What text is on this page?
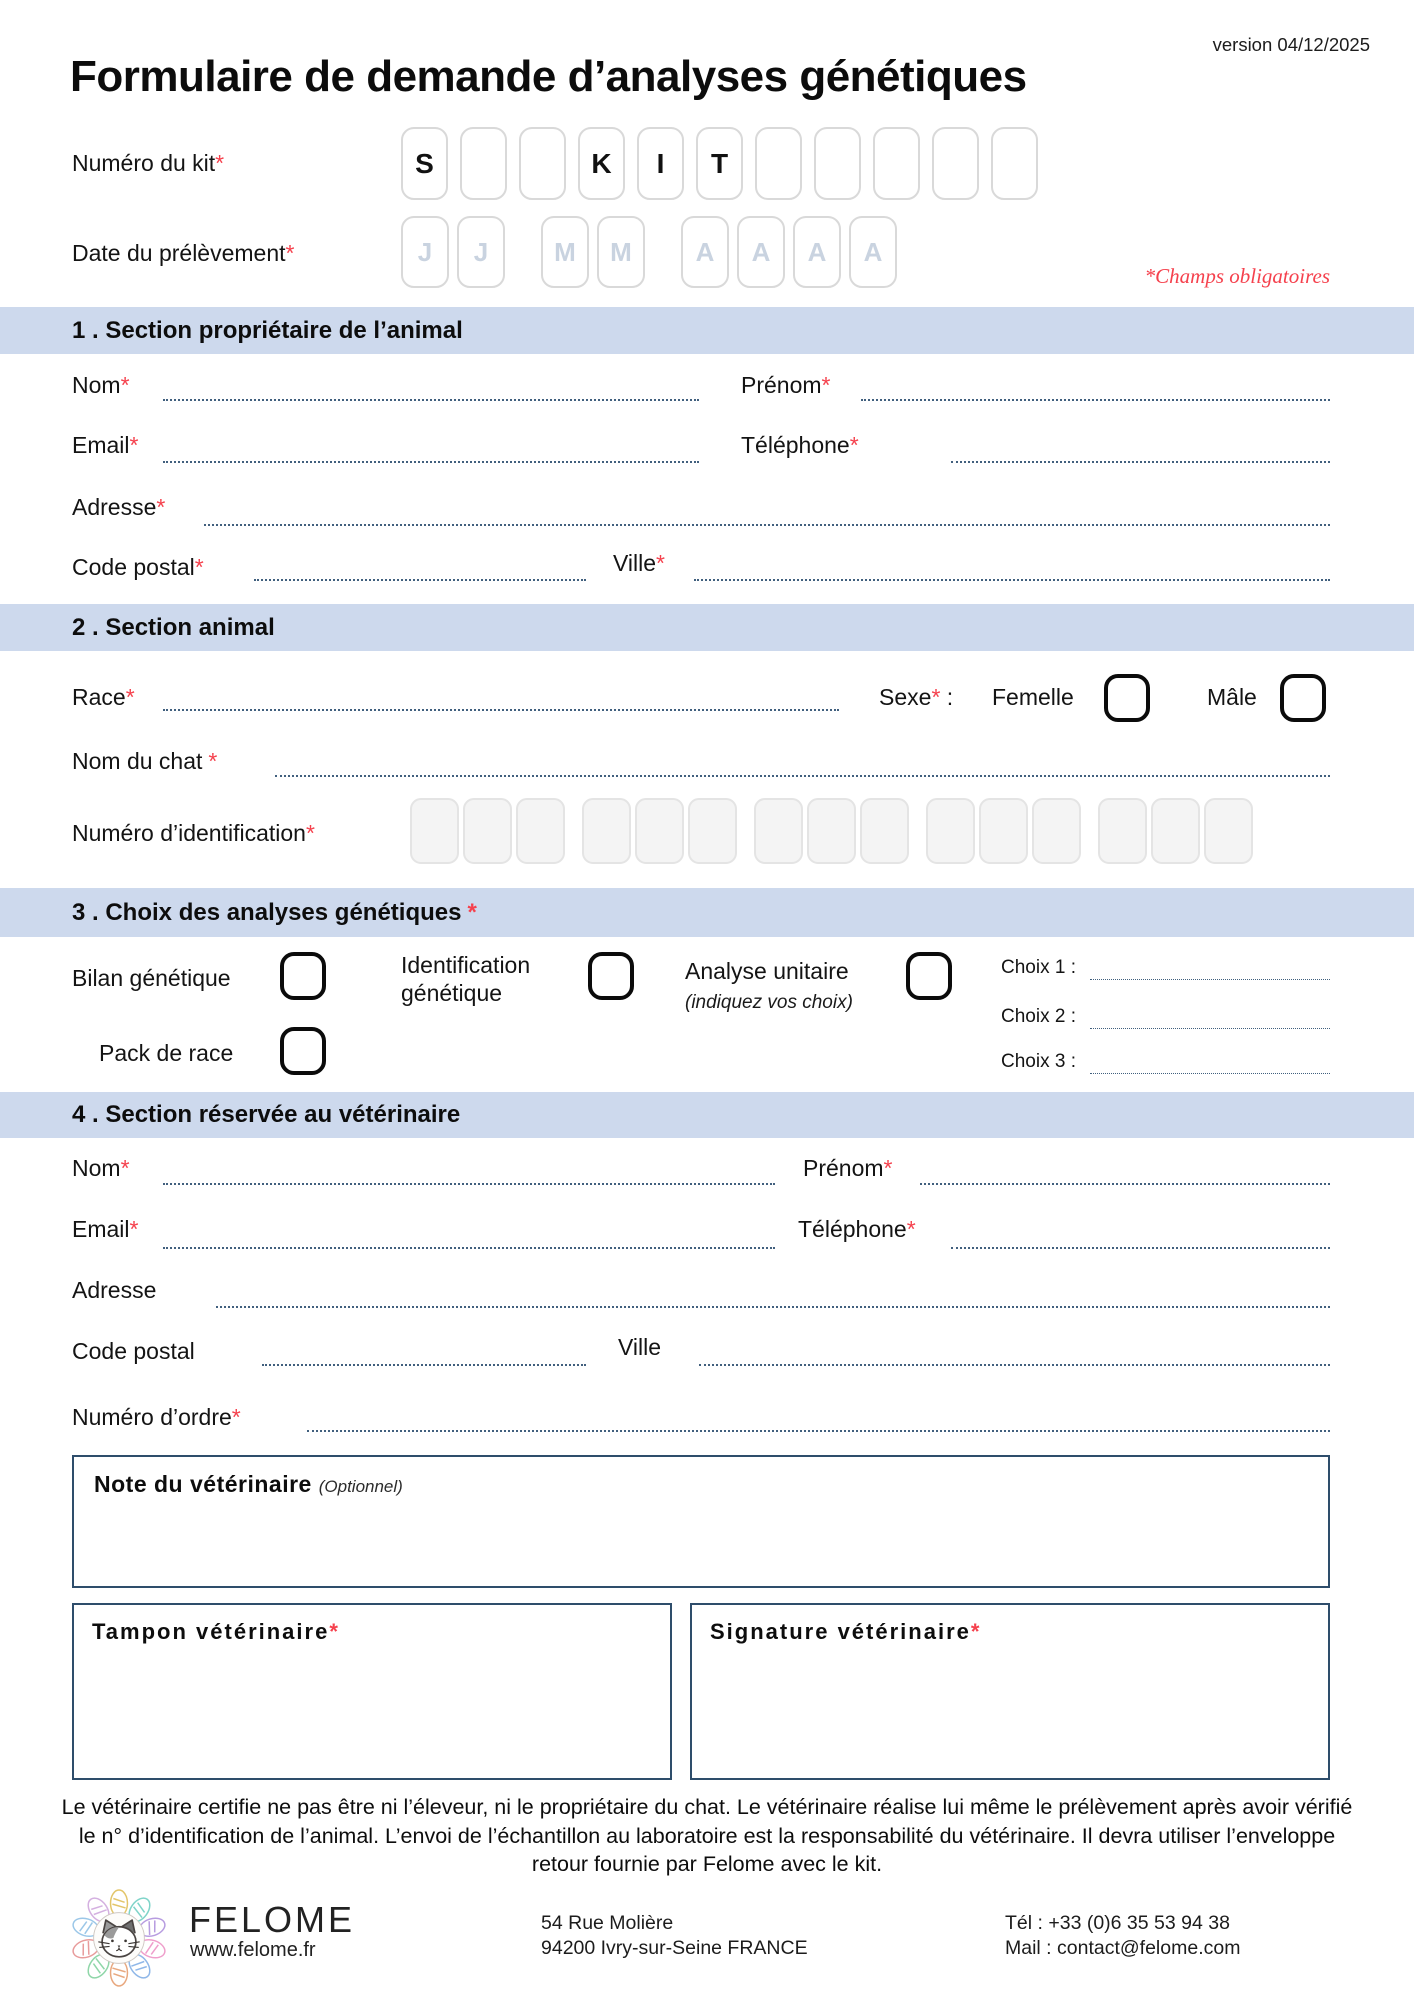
version 04/12/2025
Formulaire de demande d’analyses génétiques
Numéro du kit*	S	K	I	T
Date du prélèvement*	J	J	M	M	A	A	A	A
*Champs obligatoires
1 . Section propriétaire de l’animal
Nom*	Prénom*
Email*	Téléphone*
Adresse*
Code postal*	Ville*
2 . Section animal
Race*	Sexe* : Femelle	Mâle
Nom du chat *
Numéro d’identification*
3 . Choix des analyses génétiques *
Bilan génétique	Identification génétique
Analyse unitaire
(indiquez vos choix)
Choix 1 :
Choix 2 :
Choix 3 :
Pack de race
4 . Section réservée au vétérinaire
Nom*	Prénom*
Email*	Téléphone*
Adresse
Code postal	Ville
Numéro d’ordre*
Note du vétérinaire (Optionnel)
Tampon vétérinaire*	Signature vétérinaire*
Le vétérinaire certifie ne pas être ni l’éleveur, ni le propriétaire du chat. Le vétérinaire réalise lui même le prélèvement après avoir vérifié le n° d’identification de l’animal. L’envoi de l’échantillon au laboratoire est la responsabilité du vétérinaire. Il devra utiliser l’enveloppe retour fournie par Felome avec le kit.
FELOME
www.felome.fr
54 Rue Molière
94200 Ivry-sur-Seine FRANCE
Tél : +33 (0)6 35 53 94 38
Mail : contact@felome.com
